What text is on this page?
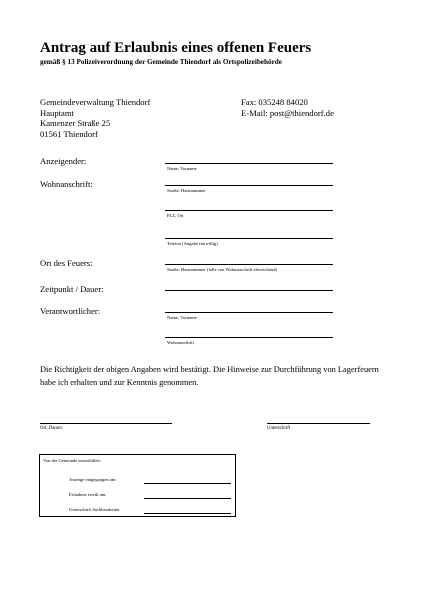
Antrag auf Erlaubnis eines offenen Feuers
gemäß § 13 Polizeiverordnung der Gemeinde Thiendorf als Ortspolizeibehörde
Gemeindeverwaltung Thiendorf
Hauptamt
Kamenzer Straße 25
01561 Thiendorf
Fax: 035248 84020
E-Mail: post@thiendorf.de
Anzeigender:
Name, Vorname
Wohnanschrift:
Straße, Hausnummer
PLZ, Ort
Telefon (Angabe freiwillig)
Ort des Feuers:
Straße, Hausnummer (falls von Wohnanschrift abweichend)
Zeitpunkt / Dauer:
Verantwortlicher:
Name, Vorname
Wohnanschrift
Die Richtigkeit der obigen Angaben wird bestätigt. Die Hinweise zur Durchführung von Lagerfeuern
habe ich erhalten und zur Kenntnis genommen.
Ort, Datum	Unterschrift
Von der Gemeinde auszufüllen:
Anzeige eingegangen am:
Erlaubnis erteilt am:
Unterschrift Sachbearbeiter
